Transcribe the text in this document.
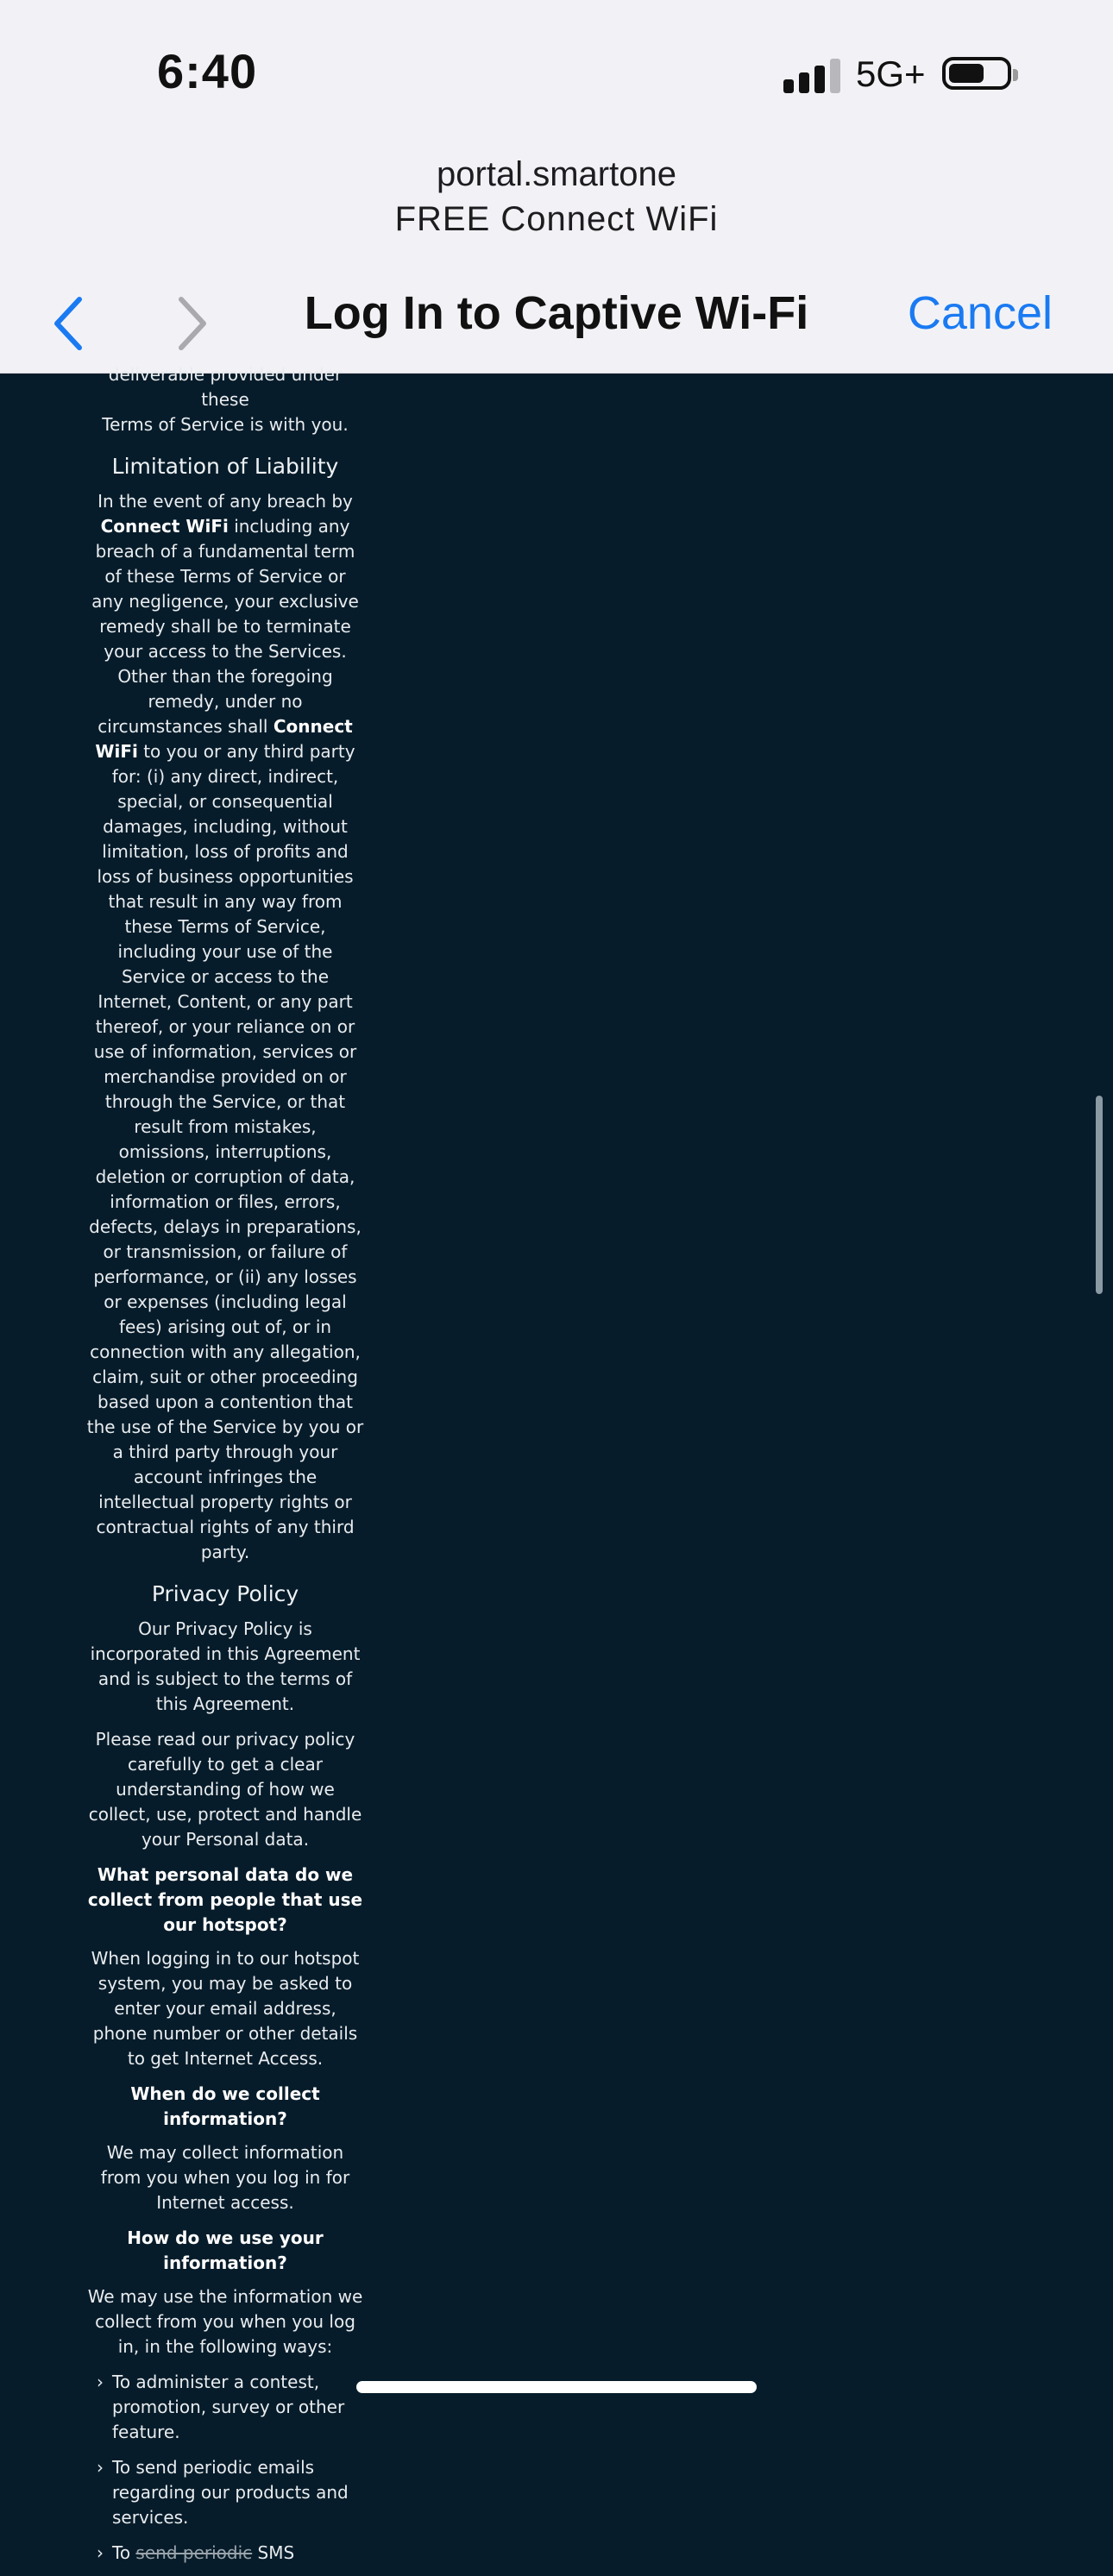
6:40	5G+
portal.smartone
FREE Connect WiFi
Log In to Captive Wi-Fi	Cancel

deliverable provided under these
Terms of Service is with you.

Limitation of Liability

In the event of any breach by Connect WiFi including any breach of a fundamental term of these Terms of Service or any negligence, your exclusive remedy shall be to terminate your access to the Services. Other than the foregoing remedy, under no circumstances shall Connect WiFi to you or any third party for: (i) any direct, indirect, special, or consequential damages, including, without limitation, loss of profits and loss of business opportunities that result in any way from these Terms of Service, including your use of the Service or access to the Internet, Content, or any part thereof, or your reliance on or use of information, services or merchandise provided on or through the Service, or that result from mistakes, omissions, interruptions, deletion or corruption of data, information or files, errors, defects, delays in preparations, or transmission, or failure of performance, or (ii) any losses or expenses (including legal fees) arising out of, or in connection with any allegation, claim, suit or other proceeding based upon a contention that the use of the Service by you or a third party through your account infringes the intellectual property rights or contractual rights of any third party.

Privacy Policy

Our Privacy Policy is incorporated in this Agreement and is subject to the terms of this Agreement.

Please read our privacy policy carefully to get a clear understanding of how we collect, use, protect and handle your Personal data.

What personal data do we collect from people that use our hotspot?

When logging in to our hotspot system, you may be asked to enter your email address, phone number or other details to get Internet Access.

When do we collect information?

We may collect information from you when you log in for Internet access.

How do we use your information?

We may use the information we collect from you when you log in, in the following ways:

› To administer a contest, promotion, survey or other feature.
› To send periodic emails regarding our products and services.
› To send periodic SMS
